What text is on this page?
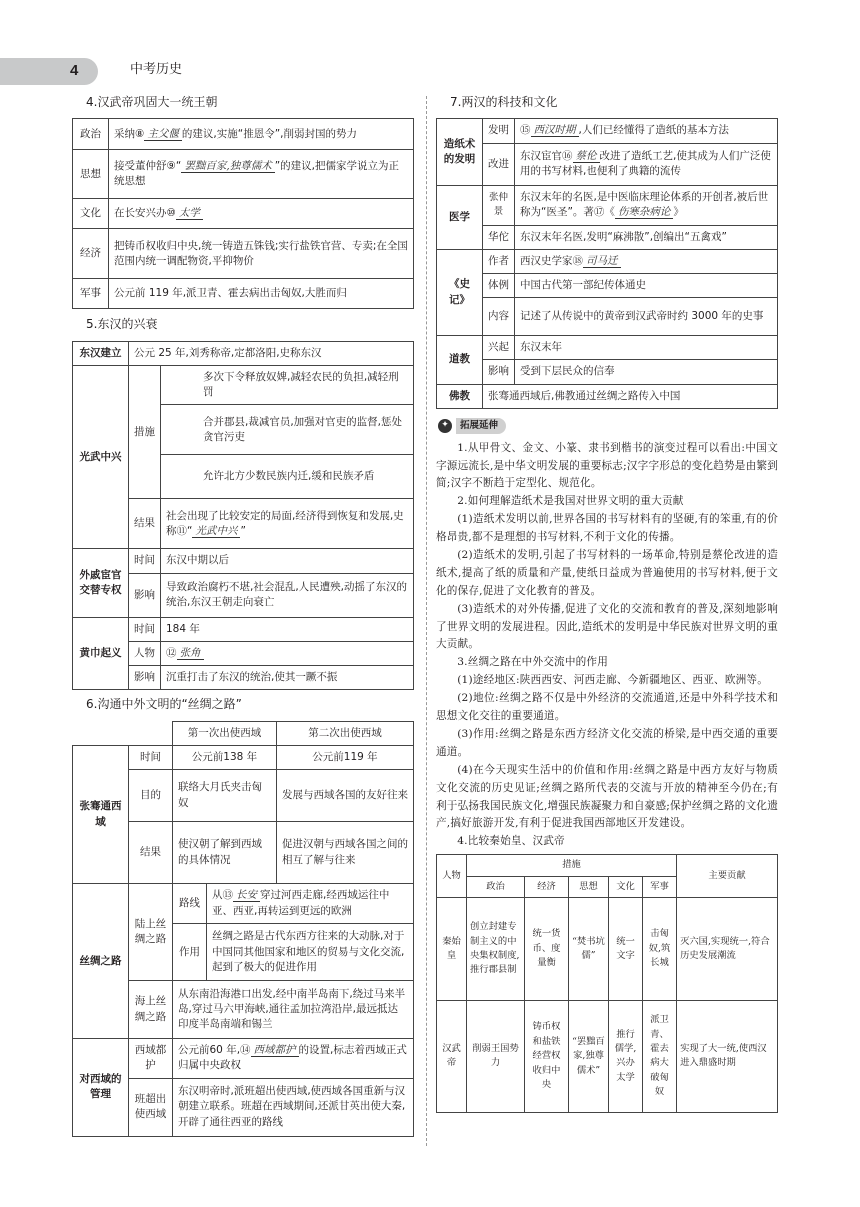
4	中考历史
4.汉武帝巩固大一统王朝
政治	采纳⑧ 主父偃 的建议,实施“推恩令”,削弱封国的势力
思想	接受董仲舒⑨“ 罢黜百家,独尊儒术 ”的建议,把儒家学说立为正统思想
文化	在长安兴办⑩ 太学
经济	把铸币权收归中央,统一铸造五铢钱;实行盐铁官营、专卖;在全国范围内统一调配物资,平抑物价
军事	公元前 119 年,派卫青、霍去病出击匈奴,大胜而归
5.东汉的兴衰
东汉建立	公元 25 年,刘秀称帝,定都洛阳,史称东汉	
光武中兴	措施	多次下令释放奴婢,减轻农民的负担,减轻刑罚
		合并郡县,裁减官员,加强对官吏的监督,惩处贪官污吏
		允许北方少数民族内迁,缓和民族矛盾
	结果	社会出现了比较安定的局面,经济得到恢复和发展,史称⑪“ 光武中兴 ”
外戚宦官交替专权	时间	东汉中期以后
	影响	导致政治腐朽不堪,社会混乱,人民遭殃,动摇了东汉的统治,东汉王朝走向衰亡
黄巾起义	时间	184 年
	人物	⑫ 张角
	影响	沉重打击了东汉的统治,使其一蹶不振
6.沟通中外文明的“丝绸之路”
		第一次出使西域		第二次出使西域
张骞通西域	时间	公元前138 年		公元前119 年
	目的	联络大月氏夹击匈奴		发展与西域各国的友好往来
	结果	使汉朝了解到西域的具体情况		促进汉朝与西域各国之间的相互了解与往来
丝绸之路	陆上丝绸之路	路线	从⑬ 长安 穿过河西走廊,经西域运往中亚、西亚,再转运到更远的欧洲	
		作用	丝绸之路是古代东西方往来的大动脉,对于中国同其他国家和地区的贸易与文化交流,起到了极大的促进作用	
	海上丝绸之路	从东南沿海港口出发,经中南半岛南下,绕过马来半岛,穿过马六甲海峡,通往孟加拉湾沿岸,最远抵达印度半岛南端和锡兰		
对西域的管理	西域都护	公元前60 年,⑭ 西域都护 的设置,标志着西域正式归属中央政权		
	班超出使西域	东汉明帝时,派班超出使西域,使西域各国重新与汉朝建立联系。班超在西域期间,还派甘英出使大秦,开辟了通往西亚的路线		
7.两汉的科技和文化
造纸术的发明	发明	⑮ 西汉时期 ,人们已经懂得了造纸的基本方法
	改进	东汉宦官⑯ 蔡伦 改进了造纸工艺,使其成为人们广泛使用的书写材料,也便利了典籍的流传
医学	张仲景	东汉末年的名医,是中医临床理论体系的开创者,被后世称为“医圣”。著⑰《 伤寒杂病论 》
	华佗	东汉末年名医,发明“麻沸散”,创编出“五禽戏”
《史记》	作者	西汉史学家⑱ 司马迁
	体例	中国古代第一部纪传体通史
	内容	记述了从传说中的黄帝到汉武帝时约 3000 年的史事
道教	兴起	东汉末年
	影响	受到下层民众的信奉
佛教	张骞通西域后,佛教通过丝绸之路传入中国	
✦	拓展延伸

1.从甲骨文、金文、小篆、隶书到楷书的演变过程可以看出:中国文字源远流长,是中华文明发展的重要标志;汉字字形总的变化趋势是由繁到简;汉字不断趋于定型化、规范化。

2.如何理解造纸术是我国对世界文明的重大贡献

(1)造纸术发明以前,世界各国的书写材料有的坚硬,有的笨重,有的价格昂贵,都不是理想的书写材料,不利于文化的传播。

(2)造纸术的发明,引起了书写材料的一场革命,特别是蔡伦改进的造纸术,提高了纸的质量和产量,使纸日益成为普遍使用的书写材料,便于文化的保存,促进了文化教育的普及。

(3)造纸术的对外传播,促进了文化的交流和教育的普及,深刻地影响了世界文明的发展进程。因此,造纸术的发明是中华民族对世界文明的重大贡献。

3.丝绸之路在中外交流中的作用

(1)途经地区:陕西西安、河西走廊、今新疆地区、西亚、欧洲等。

(2)地位:丝绸之路不仅是中外经济的交流通道,还是中外科学技术和思想文化交往的重要通道。

(3)作用:丝绸之路是东西方经济文化交流的桥梁,是中西交通的重要通道。

(4)在今天现实生活中的价值和作用:丝绸之路是中西方友好与物质文化交流的历史见证;丝绸之路所代表的交流与开放的精神至今仍在;有利于弘扬我国民族文化,增强民族凝聚力和自豪感;保护丝绸之路的文化遗产,搞好旅游开发,有利于促进我国西部地区开发建设。

4.比较秦始皇、汉武帝

人物	措施					主要贡献
	政治	经济	思想	文化	军事	
秦始皇	创立封建专制主义的中央集权制度,推行郡县制	统一货币、度量衡	“焚书坑儒”	统一文字	击匈奴,筑长城	灭六国,实现统一,符合历史发展潮流
汉武帝	削弱王国势力	铸币权和盐铁经营权收归中央	“罢黜百家,独尊儒术”	推行儒学,兴办太学	派卫青、霍去病大破匈奴	实现了大一统,使西汉进入鼎盛时期
